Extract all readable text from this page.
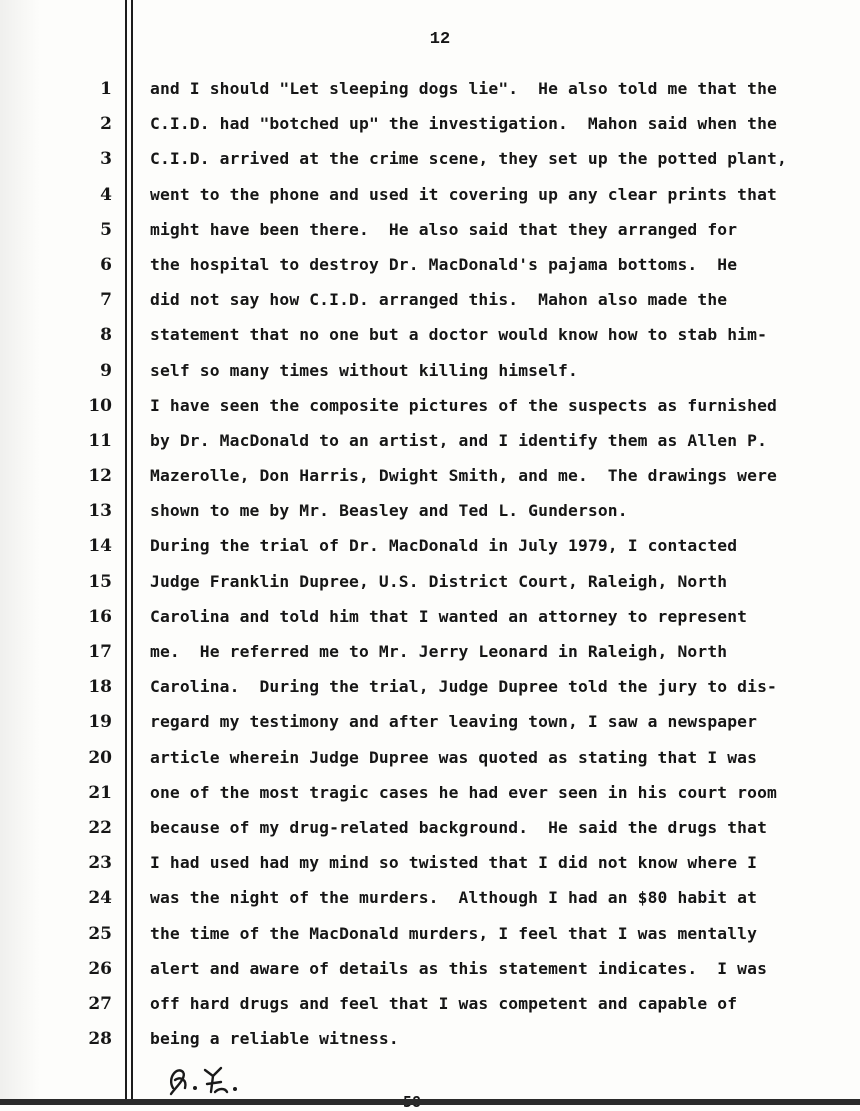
12
1
2
3
4
5
6
7
8
9
10
11
12
13
14
15
16
17
18
19
20
21
22
23
24
25
26
27
28
and I should "Let sleeping dogs lie".  He also told me that the
C.I.D. had "botched up" the investigation.  Mahon said when the
C.I.D. arrived at the crime scene, they set up the potted plant,
went to the phone and used it covering up any clear prints that
might have been there.  He also said that they arranged for
the hospital to destroy Dr. MacDonald's pajama bottoms.  He
did not say how C.I.D. arranged this.  Mahon also made the
statement that no one but a doctor would know how to stab him-
self so many times without killing himself.
I have seen the composite pictures of the suspects as furnished
by Dr. MacDonald to an artist, and I identify them as Allen P.
Mazerolle, Don Harris, Dwight Smith, and me.  The drawings were
shown to me by Mr. Beasley and Ted L. Gunderson.
During the trial of Dr. MacDonald in July 1979, I contacted
Judge Franklin Dupree, U.S. District Court, Raleigh, North
Carolina and told him that I wanted an attorney to represent
me.  He referred me to Mr. Jerry Leonard in Raleigh, North
Carolina.  During the trial, Judge Dupree told the jury to dis-
regard my testimony and after leaving town, I saw a newspaper
article wherein Judge Dupree was quoted as stating that I was
one of the most tragic cases he had ever seen in his court room
because of my drug-related background.  He said the drugs that
I had used had my mind so twisted that I did not know where I
was the night of the murders.  Although I had an $80 habit at
the time of the MacDonald murders, I feel that I was mentally
alert and aware of details as this statement indicates.  I was
off hard drugs and feel that I was competent and capable of
being a reliable witness.
